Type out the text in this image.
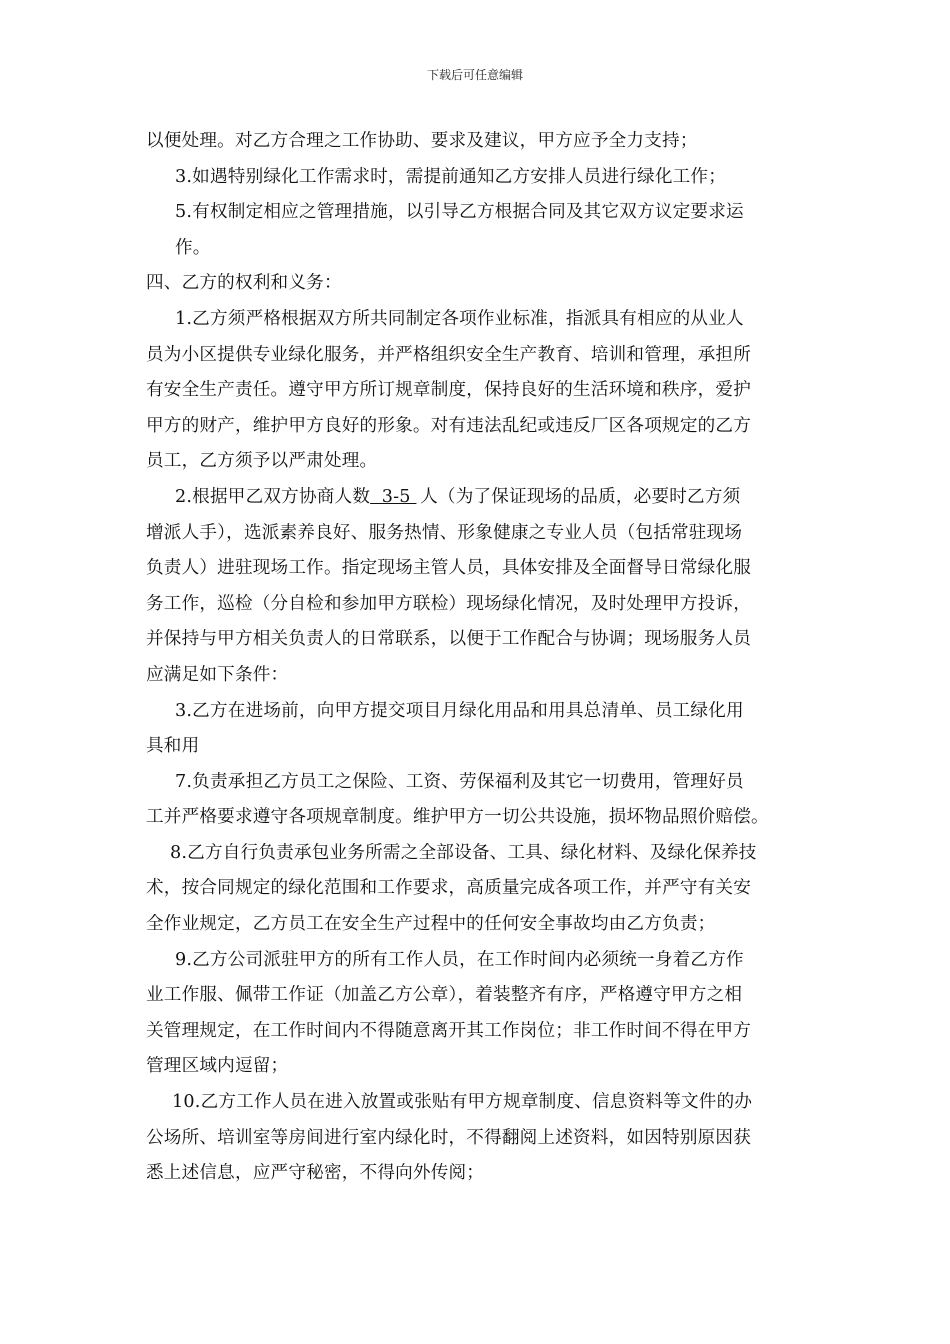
下载后可任意编辑
以便处理。对乙方合理之工作协助、要求及建议，甲方应予全力支持；
3.如遇特别绿化工作需求时，需提前通知乙方安排人员进行绿化工作；
5.有权制定相应之管理措施，以引导乙方根据合同及其它双方议定要求运
作。
四、乙方的权利和义务：
1.乙方须严格根据双方所共同制定各项作业标准，指派具有相应的从业人
员为小区提供专业绿化服务，并严格组织安全生产教育、培训和管理，承担所
有安全生产责任。遵守甲方所订规章制度，保持良好的生活环境和秩序，爱护
甲方的财产，维护甲方良好的形象。对有违法乱纪或违反厂区各项规定的乙方
员工，乙方须予以严肃处理。
2.根据甲乙双方协商人数  3-5 人（为了保证现场的品质，必要时乙方须
增派人手），选派素养良好、服务热情、形象健康之专业人员（包括常驻现场
负责人）进驻现场工作。指定现场主管人员，具体安排及全面督导日常绿化服
务工作，巡检（分自检和参加甲方联检）现场绿化情况，及时处理甲方投诉，
并保持与甲方相关负责人的日常联系，以便于工作配合与协调；现场服务人员
应满足如下条件：
3.乙方在进场前，向甲方提交项目月绿化用品和用具总清单、员工绿化用
具和用
7.负责承担乙方员工之保险、工资、劳保福利及其它一切费用，管理好员
工并严格要求遵守各项规章制度。维护甲方一切公共设施，损坏物品照价赔偿。
8.乙方自行负责承包业务所需之全部设备、工具、绿化材料、及绿化保养技
术，按合同规定的绿化范围和工作要求，高质量完成各项工作，并严守有关安
全作业规定，乙方员工在安全生产过程中的任何安全事故均由乙方负责；
9.乙方公司派驻甲方的所有工作人员，在工作时间内必须统一身着乙方作
业工作服、佩带工作证（加盖乙方公章），着装整齐有序，严格遵守甲方之相
关管理规定，在工作时间内不得随意离开其工作岗位；非工作时间不得在甲方
管理区域内逗留；
10.乙方工作人员在进入放置或张贴有甲方规章制度、信息资料等文件的办
公场所、培训室等房间进行室内绿化时，不得翻阅上述资料，如因特别原因获
悉上述信息，应严守秘密，不得向外传阅；
